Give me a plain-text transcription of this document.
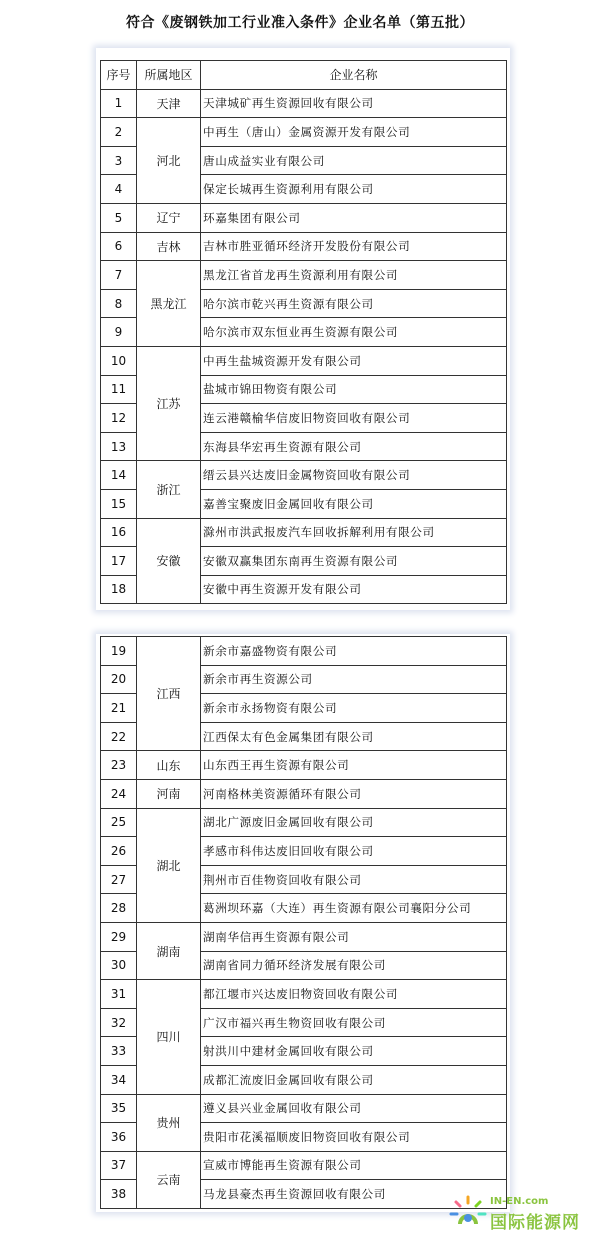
符合《废钢铁加工行业准入条件》企业名单（第五批）
序号	所属地区	企业名称
1	天津	天津城矿再生资源回收有限公司
2	河北	中再生（唐山）金属资源开发有限公司
3		唐山成益实业有限公司
4		保定长城再生资源利用有限公司
5	辽宁	环嘉集团有限公司
6	吉林	吉林市胜亚循环经济开发股份有限公司
7	黑龙江	黑龙江省首龙再生资源利用有限公司
8		哈尔滨市乾兴再生资源有限公司
9		哈尔滨市双东恒业再生资源有限公司
10	江苏	中再生盐城资源开发有限公司
11		盐城市锦田物资有限公司
12		连云港赣榆华信废旧物资回收有限公司
13		东海县华宏再生资源有限公司
14	浙江	缙云县兴达废旧金属物资回收有限公司
15		嘉善宝聚废旧金属回收有限公司
16	安徽	滁州市洪武报废汽车回收拆解利用有限公司
17		安徽双赢集团东南再生资源有限公司
18		安徽中再生资源开发有限公司
19	江西	新余市嘉盛物资有限公司
20		新余市再生资源公司
21		新余市永扬物资有限公司
22		江西保太有色金属集团有限公司
23	山东	山东西王再生资源有限公司
24	河南	河南格林美资源循环有限公司
25	湖北	湖北广源废旧金属回收有限公司
26		孝感市科伟达废旧回收有限公司
27		荆州市百佳物资回收有限公司
28		葛洲坝环嘉（大连）再生资源有限公司襄阳分公司
29	湖南	湖南华信再生资源有限公司
30		湖南省同力循环经济发展有限公司
31	四川	都江堰市兴达废旧物资回收有限公司
32		广汉市福兴再生物资回收有限公司
33		射洪川中建材金属回收有限公司
34		成都汇流废旧金属回收有限公司
35	贵州	遵义县兴业金属回收有限公司
36		贵阳市花溪福顺废旧物资回收有限公司
37	云南	宣威市博能再生资源有限公司
38		马龙县豪杰再生资源回收有限公司
IN-EN.com
国际能源网
